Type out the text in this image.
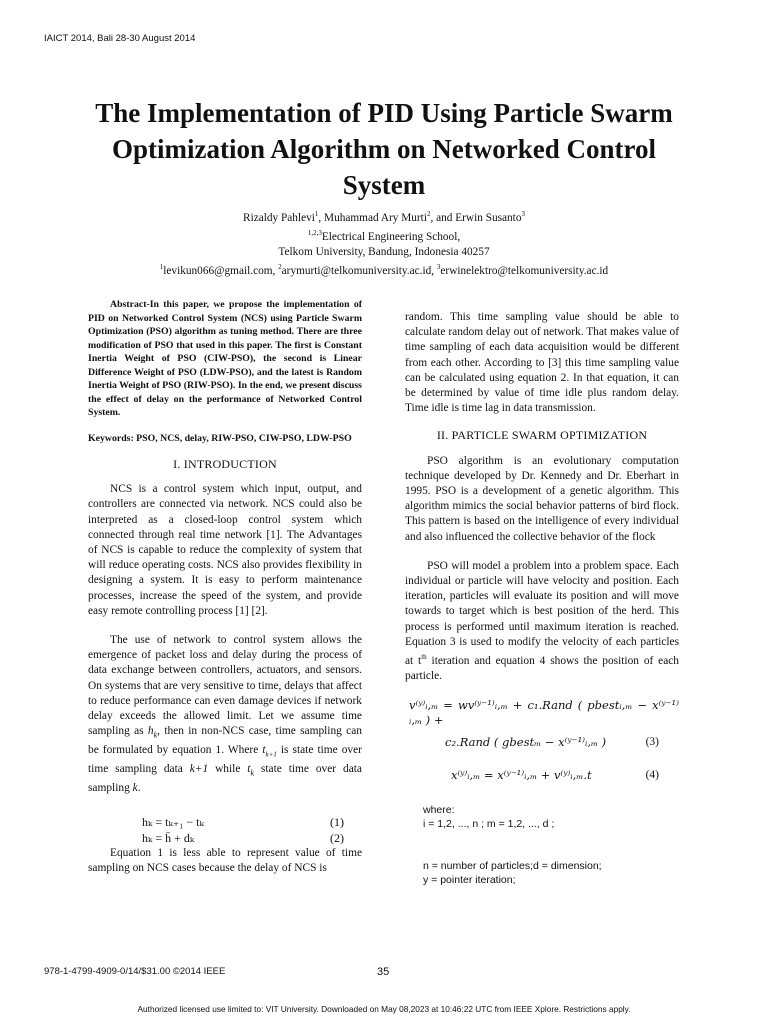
IAICT 2014, Bali 28-30 August 2014
The Implementation of PID Using Particle Swarm Optimization Algorithm on Networked Control System
Rizaldy Pahlevi$^1$, Muhammad Ary Murti$^2$, and Erwin Susanto$^3$
$^{1,2,3}$Electrical Engineering School,
Telkom University, Bandung, Indonesia 40257
$^1$levikun066@gmail.com, $^2$arymurti@telkomuniversity.ac.id, $^3$erwinelektro@telkomuniversity.ac.id

Abstract-In this paper, we propose the implementation of PID on Networked Control System (NCS) using Particle Swarm Optimization (PSO) algorithm as tuning method. There are three modification of PSO that used in this paper. The first is Constant Inertia Weight of PSO (CIW-PSO), the second is Linear Difference Weight of PSO (LDW-PSO), and the latest is Random Inertia Weight of PSO (RIW-PSO). In the end, we present discuss the effect of delay on the performance of Networked Control System.

Keywords: PSO, NCS, delay, RIW-PSO, CIW-PSO, LDW-PSO

I. INTRODUCTION

NCS is a control system which input, output, and controllers are connected via network. NCS could also be interpreted as a closed-loop control system which connected through real time network [1]. The Advantages of NCS is capable to reduce the complexity of system that will reduce operating costs. NCS also provides flexibility in designing a system. It is easy to perform maintenance processes, increase the speed of the system, and provide easy remote controlling process [1] [2].

The use of network to control system allows the emergence of packet loss and delay during the process of data exchange between controllers, actuators, and sensors. On systems that are very sensitive to time, delays that affect to reduce performance can even damage devices if network delay exceeds the allowed limit. Let we assume time sampling as $h_k$, then in non-NCS case, time sampling can be formulated by equation 1. Where $t_{k+1}$ is state time over time sampling data k+1 while $t_k$ state time over data sampling k.

hₖ = tₖ₊₁ − tₖ	(1)
hₖ = h̄ + dₖ	(2)

Equation 1 is less able to represent value of time sampling on NCS cases because the delay of NCS is

random. This time sampling value should be able to calculate random delay out of network. That makes value of time sampling of each data acquisition would be different from each other. According to [3] this time sampling value can be calculated using equation 2. In that equation, it can be determined by value of time idle plus random delay. Time idle is time lag in data transmission.

II. PARTICLE SWARM OPTIMIZATION

PSO algorithm is an evolutionary computation technique developed by Dr. Kennedy and Dr. Eberhart in 1995. PSO is a development of a genetic algorithm. This algorithm mimics the social behavior patterns of bird flock. This pattern is based on the intelligence of every individual and also influenced the collective behavior of the flock

PSO will model a problem into a problem space. Each individual or particle will have velocity and position. Each iteration, particles will evaluate its position and will move towards to target which is best position of the herd. This process is performed until maximum iteration is reached. Equation 3 is used to modify the velocity of each particles at $t^{th}$ iteration and equation 4 shows the position of each particle.

v⁽ʸ⁾ᵢ,ₘ = wv⁽ʸ⁻¹⁾ᵢ,ₘ + c₁.Rand ( pbestᵢ,ₘ − x⁽ʸ⁻¹⁾ᵢ,ₘ ) +
c₂.Rand ( gbestₘ − x⁽ʸ⁻¹⁾ᵢ,ₘ )	(3)
x⁽ʸ⁾ᵢ,ₘ = x⁽ʸ⁻¹⁾ᵢ,ₘ + v⁽ʸ⁾ᵢ,ₘ.t	(4)
where:
i = 1,2, ..., n ; m = 1,2, ..., d ;
n = number of particles;d = dimension;
y = pointer iteration;
978-1-4799-4909-0/14/$31.00 ©2014 IEEE	35
Authorized licensed use limited to: VIT University. Downloaded on May 08,2023 at 10:46:22 UTC from IEEE Xplore. Restrictions apply.
